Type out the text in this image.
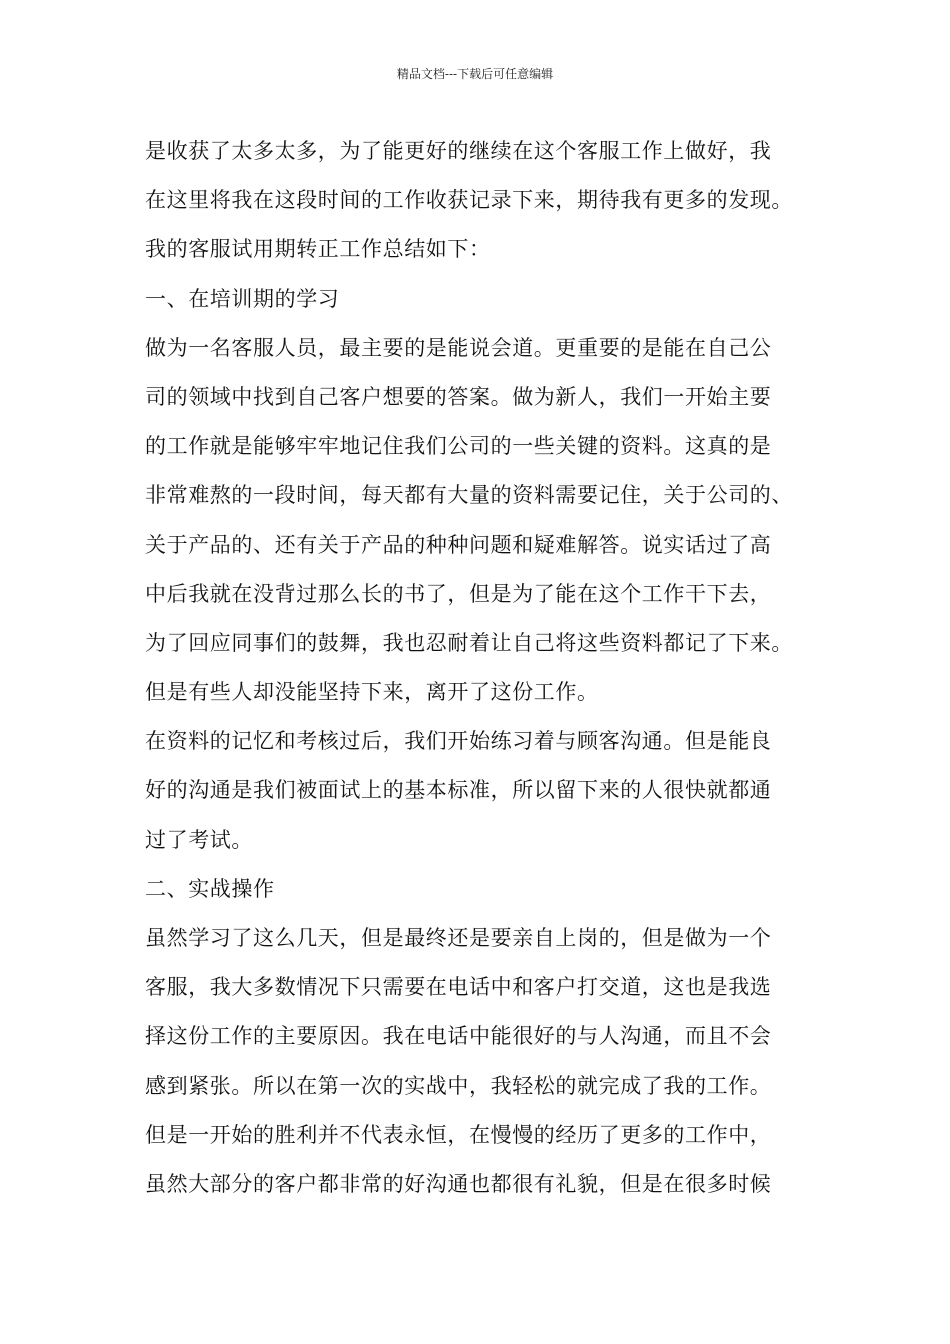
精品文档---下载后可任意编辑
是收获了太多太多，为了能更好的继续在这个客服工作上做好，我
在这里将我在这段时间的工作收获记录下来，期待我有更多的发现。
我的客服试用期转正工作总结如下：
一、在培训期的学习
做为一名客服人员，最主要的是能说会道。更重要的是能在自己公
司的领域中找到自己客户想要的答案。做为新人，我们一开始主要
的工作就是能够牢牢地记住我们公司的一些关键的资料。这真的是
非常难熬的一段时间，每天都有大量的资料需要记住，关于公司的、
关于产品的、还有关于产品的种种问题和疑难解答。说实话过了高
中后我就在没背过那么长的书了，但是为了能在这个工作干下去，
为了回应同事们的鼓舞，我也忍耐着让自己将这些资料都记了下来。
但是有些人却没能坚持下来，离开了这份工作。
在资料的记忆和考核过后，我们开始练习着与顾客沟通。但是能良
好的沟通是我们被面试上的基本标准，所以留下来的人很快就都通
过了考试。
二、实战操作
虽然学习了这么几天，但是最终还是要亲自上岗的，但是做为一个
客服，我大多数情况下只需要在电话中和客户打交道，这也是我选
择这份工作的主要原因。我在电话中能很好的与人沟通，而且不会
感到紧张。所以在第一次的实战中，我轻松的就完成了我的工作。
但是一开始的胜利并不代表永恒，在慢慢的经历了更多的工作中，
虽然大部分的客户都非常的好沟通也都很有礼貌，但是在很多时候
